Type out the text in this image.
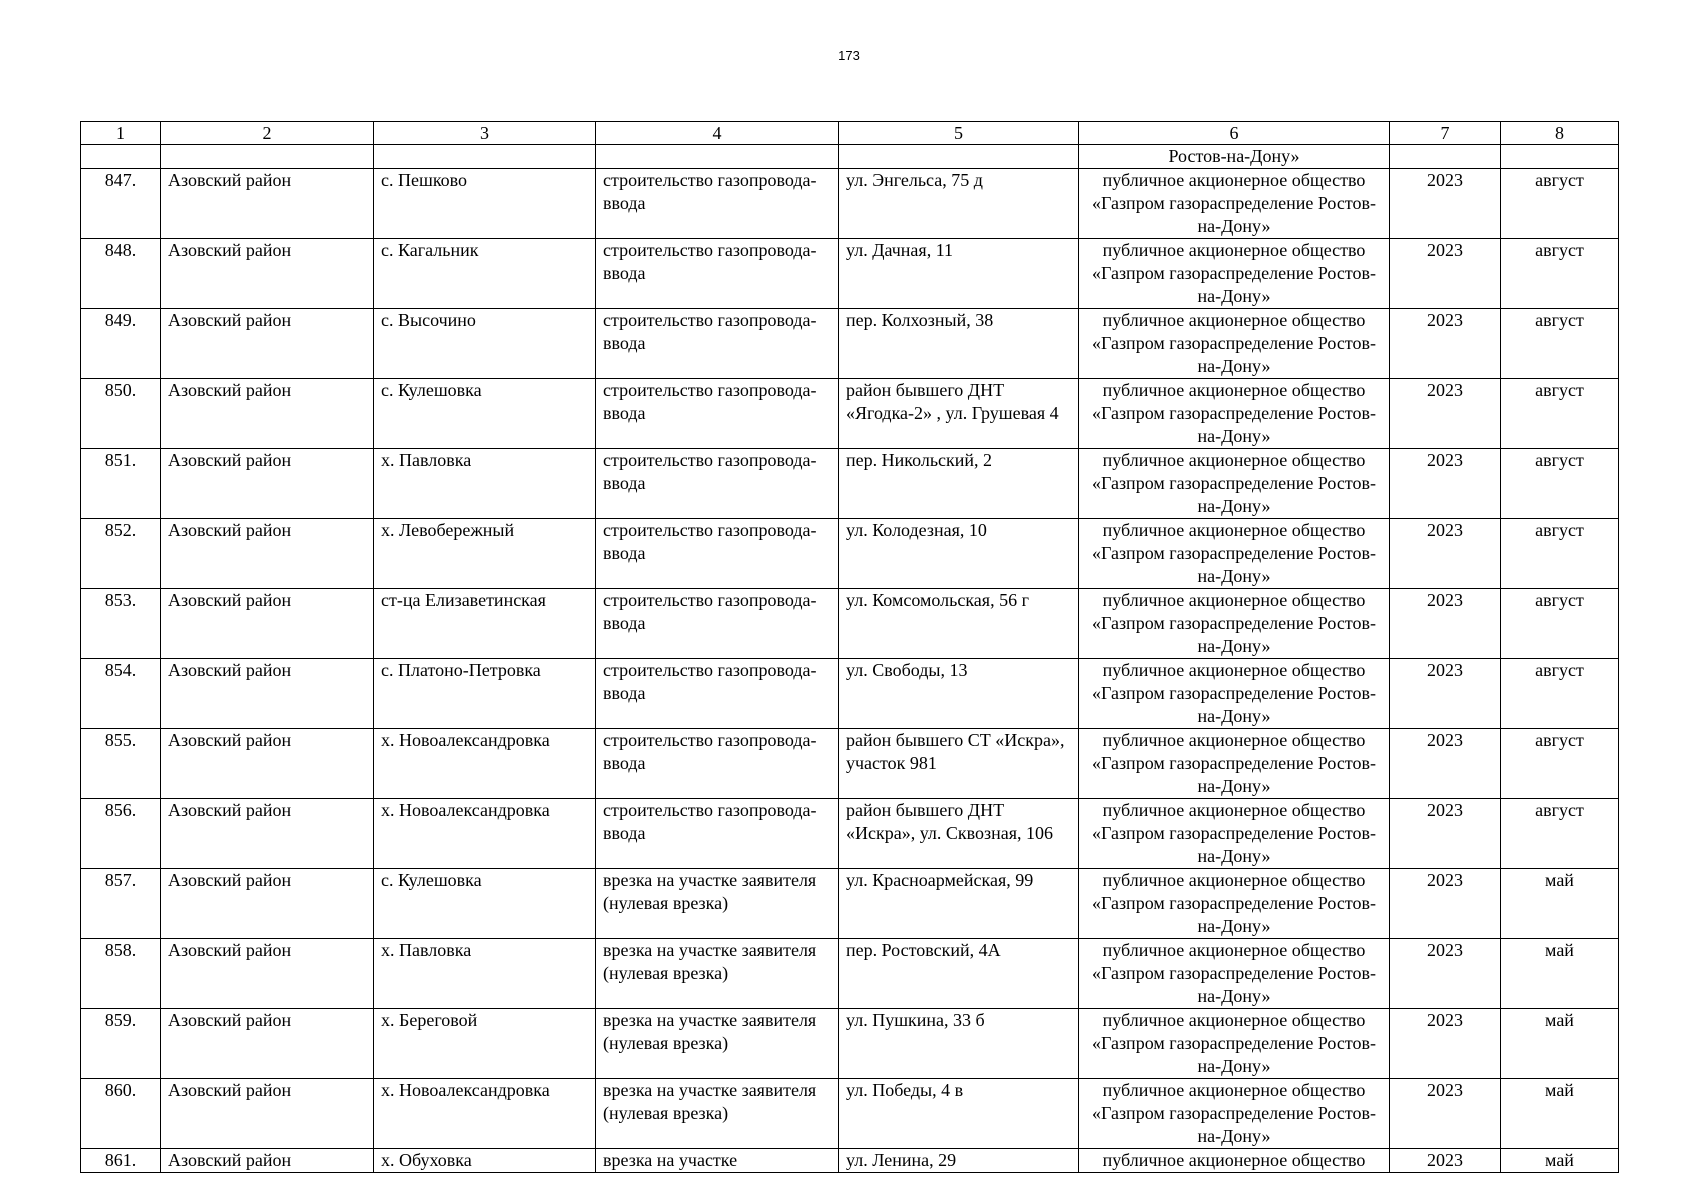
173
1	2	3	4	5	6	7	8
					Ростов-на-Дону»		
847.	Азовский район	с. Пешково	строительство газопровода-ввода	ул. Энгельса, 75 д	публичное акционерное общество «Газпром газораспределение Ростов-на-Дону»	2023	август
848.	Азовский район	с. Кагальник	строительство газопровода-ввода	ул. Дачная, 11	публичное акционерное общество «Газпром газораспределение Ростов-на-Дону»	2023	август
849.	Азовский район	с. Высочино	строительство газопровода-ввода	пер. Колхозный, 38	публичное акционерное общество «Газпром газораспределение Ростов-на-Дону»	2023	август
850.	Азовский район	с. Кулешовка	строительство газопровода-ввода	район бывшего ДНТ «Ягодка-2» , ул. Грушевая 4	публичное акционерное общество «Газпром газораспределение Ростов-на-Дону»	2023	август
851.	Азовский район	х. Павловка	строительство газопровода-ввода	пер. Никольский, 2	публичное акционерное общество «Газпром газораспределение Ростов-на-Дону»	2023	август
852.	Азовский район	х. Левобережный	строительство газопровода-ввода	ул. Колодезная, 10	публичное акционерное общество «Газпром газораспределение Ростов-на-Дону»	2023	август
853.	Азовский район	ст-ца Елизаветинская	строительство газопровода-ввода	ул. Комсомольская, 56 г	публичное акционерное общество «Газпром газораспределение Ростов-на-Дону»	2023	август
854.	Азовский район	с. Платоно-Петровка	строительство газопровода-ввода	ул. Свободы, 13	публичное акционерное общество «Газпром газораспределение Ростов-на-Дону»	2023	август
855.	Азовский район	х. Новоалександровка	строительство газопровода-ввода	район бывшего СТ «Искра», участок 981	публичное акционерное общество «Газпром газораспределение Ростов-на-Дону»	2023	август
856.	Азовский район	х. Новоалександровка	строительство газопровода-ввода	район бывшего ДНТ «Искра», ул. Сквозная, 106	публичное акционерное общество «Газпром газораспределение Ростов-на-Дону»	2023	август
857.	Азовский район	с. Кулешовка	врезка на участке заявителя (нулевая врезка)	ул. Красноармейская, 99	публичное акционерное общество «Газпром газораспределение Ростов-на-Дону»	2023	май
858.	Азовский район	х. Павловка	врезка на участке заявителя (нулевая врезка)	пер. Ростовский, 4А	публичное акционерное общество «Газпром газораспределение Ростов-на-Дону»	2023	май
859.	Азовский район	х. Береговой	врезка на участке заявителя (нулевая врезка)	ул. Пушкина, 33 б	публичное акционерное общество «Газпром газораспределение Ростов-на-Дону»	2023	май
860.	Азовский район	х. Новоалександровка	врезка на участке заявителя (нулевая врезка)	ул. Победы, 4 в	публичное акционерное общество «Газпром газораспределение Ростов-на-Дону»	2023	май
861.	Азовский район	х. Обуховка	врезка на участке	ул. Ленина, 29	публичное акционерное общество	2023	май
